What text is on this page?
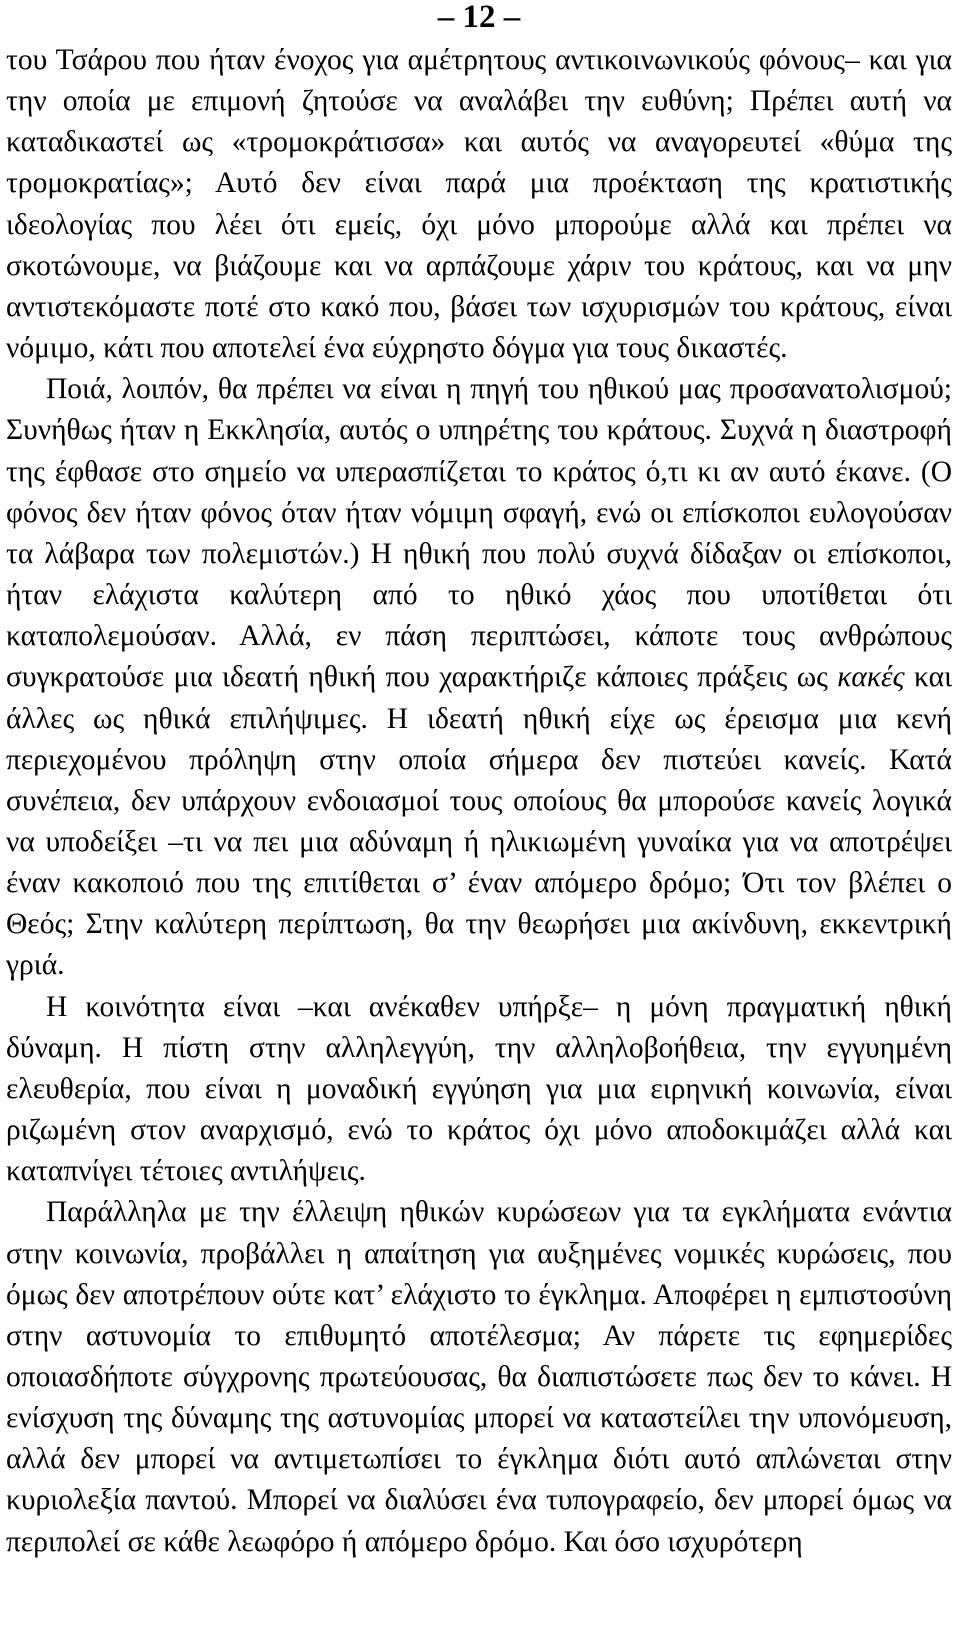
– 12 –

του Τσάρου που ήταν ένοχος για αμέτρητους αντικοινωνικούς φόνους– και για την οποία με επιμονή ζητούσε να αναλάβει την ευθύνη; Πρέπει αυτή να καταδικαστεί ως «τρομοκράτισσα» και αυτός να αναγορευτεί «θύμα της τρομοκρατίας»; Αυτό δεν είναι παρά μια προέκταση της κρατιστικής ιδεολογίας που λέει ότι εμείς, όχι μόνο μπορούμε αλλά και πρέπει να σκοτώνουμε, να βιάζουμε και να αρπάζουμε χάριν του κράτους, και να μην αντιστεκόμαστε ποτέ στο κακό που, βάσει των ισχυρισμών του κράτους, είναι νόμιμο, κάτι που αποτελεί ένα εύχρηστο δόγμα για τους δικαστές.

Ποιά, λοιπόν, θα πρέπει να είναι η πηγή του ηθικού μας προσανατολισμού; Συνήθως ήταν η Εκκλησία, αυτός ο υπηρέτης του κράτους. Συχνά η διαστροφή της έφθασε στο σημείο να υπερασπίζεται το κράτος ό,τι κι αν αυτό έκανε. (Ο φόνος δεν ήταν φόνος όταν ήταν νόμιμη σφαγή, ενώ οι επίσκοποι ευλογούσαν τα λάβαρα των πολεμιστών.) Η ηθική που πολύ συχνά δίδαξαν οι επίσκοποι, ήταν ελάχιστα καλύτερη από το ηθικό χάος που υποτίθεται ότι καταπολεμούσαν. Αλλά, εν πάση περιπτώσει, κάποτε τους ανθρώπους συγκρατούσε μια ιδεατή ηθική που χαρακτήριζε κάποιες πράξεις ως κακές και άλλες ως ηθικά επιλήψιμες. Η ιδεατή ηθική είχε ως έρεισμα μια κενή περιεχομένου πρόληψη στην οποία σήμερα δεν πιστεύει κανείς. Κατά συνέπεια, δεν υπάρχουν ενδοιασμοί τους οποίους θα μπορούσε κανείς λογικά να υποδείξει –τι να πει μια αδύναμη ή ηλικιωμένη γυναίκα για να αποτρέψει έναν κακοποιό που της επιτίθεται σ’ έναν απόμερο δρόμο; Ότι τον βλέπει ο Θεός; Στην καλύτερη περίπτωση, θα την θεωρήσει μια ακίνδυνη, εκκεντρική γριά.

Η κοινότητα είναι –και ανέκαθεν υπήρξε– η μόνη πραγματική ηθική δύναμη. Η πίστη στην αλληλεγγύη, την αλληλοβοήθεια, την εγγυημένη ελευθερία, που είναι η μοναδική εγγύηση για μια ειρηνική κοινωνία, είναι ριζωμένη στον αναρχισμό, ενώ το κράτος όχι μόνο αποδοκιμάζει αλλά και καταπνίγει τέτοιες αντιλήψεις.

Παράλληλα με την έλλειψη ηθικών κυρώσεων για τα εγκλήματα ενάντια στην κοινωνία, προβάλλει η απαίτηση για αυξημένες νομικές κυρώσεις, που όμως δεν αποτρέπουν ούτε κατ’ ελάχιστο το έγκλημα. Αποφέρει η εμπιστοσύνη στην αστυνομία το επιθυμητό αποτέλεσμα; Αν πάρετε τις εφημερίδες οποιασδήποτε σύγχρονης πρωτεύουσας, θα διαπιστώσετε πως δεν το κάνει. Η ενίσχυση της δύναμης της αστυνομίας μπορεί να καταστείλει την υπονόμευση, αλλά δεν μπορεί να αντιμετωπίσει το έγκλημα διότι αυτό απλώνεται στην κυριολεξία παντού. Μπορεί να διαλύσει ένα τυπογραφείο, δεν μπορεί όμως να περιπολεί σε κάθε λεωφόρο ή απόμερο δρόμο. Και όσο ισχυρότερη
